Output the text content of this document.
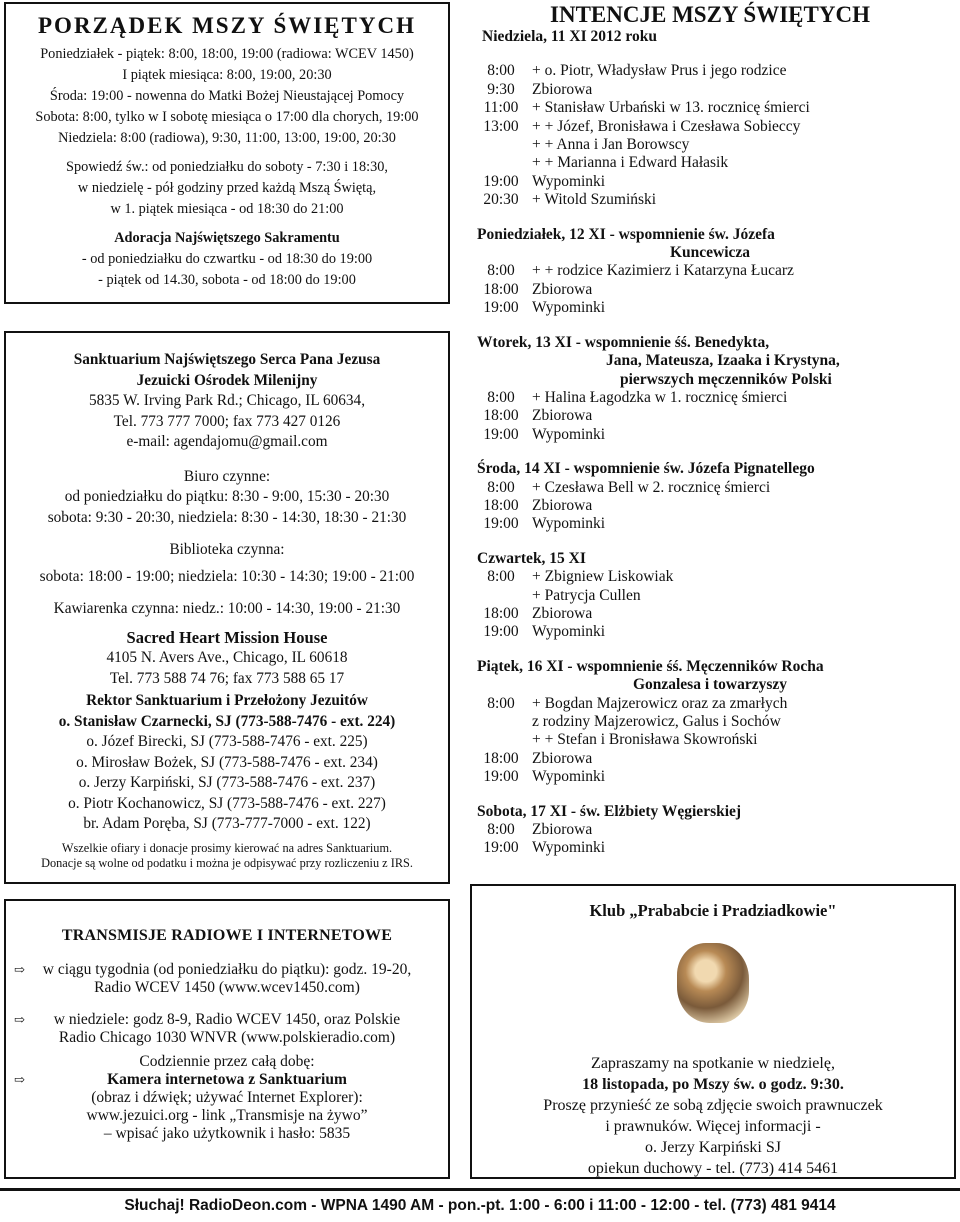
PORZĄDEK MSZY ŚWIĘTYCH
Poniedziałek - piątek: 8:00, 18:00, 19:00 (radiowa: WCEV 1450)
I piątek miesiąca: 8:00, 19:00, 20:30
Środa: 19:00 - nowenna do Matki Bożej Nieustającej Pomocy
Sobota: 8:00, tylko w I sobotę miesiąca o 17:00 dla chorych, 19:00
Niedziela: 8:00 (radiowa), 9:30, 11:00, 13:00, 19:00, 20:30
Spowiedź św.: od poniedziałku do soboty - 7:30 i 18:30,
w niedzielę - pół godziny przed każdą Mszą Świętą,
w 1. piątek miesiąca - od 18:30 do 21:00
Adoracja Najświętszego Sakramentu
- od poniedziałku do czwartku - od 18:30 do 19:00
- piątek od 14.30, sobota - od 18:00 do 19:00
Sanktuarium Najświętszego Serca Pana Jezusa
Jezuicki Ośrodek Milenijny
5835 W. Irving Park Rd.; Chicago, IL 60634,
Tel. 773 777 7000; fax 773 427 0126
e-mail: agendajomu@gmail.com
Biuro czynne:
od poniedziałku do piątku: 8:30 - 9:00, 15:30 - 20:30
sobota: 9:30 - 20:30, niedziela: 8:30 - 14:30, 18:30 - 21:30
Biblioteka czynna:
sobota: 18:00 - 19:00; niedziela: 10:30 - 14:30; 19:00 - 21:00
Kawiarenka czynna: niedz.: 10:00 - 14:30, 19:00 - 21:30
Sacred Heart Mission House
4105 N. Avers Ave., Chicago, IL 60618
Tel. 773 588 74 76; fax 773 588 65 17
Rektor Sanktuarium i Przełożony Jezuitów
o. Stanisław Czarnecki, SJ (773-588-7476 - ext. 224)
o. Józef Birecki, SJ (773-588-7476 - ext. 225)
o. Mirosław Bożek, SJ (773-588-7476 - ext. 234)
o. Jerzy Karpiński, SJ (773-588-7476 - ext. 237)
o. Piotr Kochanowicz, SJ (773-588-7476 - ext. 227)
br. Adam Poręba, SJ (773-777-7000 - ext. 122)
Wszelkie ofiary i donacje prosimy kierować na adres Sanktuarium.
Donacje są wolne od podatku i można je odpisywać przy rozliczeniu z IRS.
TRANSMISJE RADIOWE I INTERNETOWE
⇨	w ciągu tygodnia (od poniedziałku do piątku): godz. 19-20,
Radio WCEV 1450 (www.wcev1450.com)
⇨	w niedziele: godz 8-9, Radio WCEV 1450, oraz Polskie
Radio Chicago 1030 WNVR (www.polskieradio.com)
Codziennie przez całą dobę:
⇨	Kamera internetowa z Sanktuarium
(obraz i dźwięk; używać Internet Explorer):
www.jezuici.org - link „Transmisje na żywo”
– wpisać jako użytkownik i hasło: 5835
INTENCJE MSZY ŚWIĘTYCH
Niedziela, 11 XI 2012 roku
8:00	+ o. Piotr, Władysław Prus i jego rodzice
9:30	Zbiorowa
11:00 + Stanisław Urbański w 13. rocznicę śmierci
13:00 + + Józef, Bronisława i Czesława Sobieccy
+ + Anna i Jan Borowscy
+ + Marianna i Edward Hałasik
19:00 Wypominki
20:30 + Witold Szumiński
Poniedziałek, 12 XI - wspomnienie św. Józefa
Kuncewicza
8:00	+ + rodzice Kazimierz i Katarzyna Łucarz
18:00 Zbiorowa
19:00 Wypominki
Wtorek, 13 XI - wspomnienie śś. Benedykta,
Jana, Mateusza, Izaaka i Krystyna,
pierwszych męczenników Polski
8:00	+ Halina Łagodzka w 1. rocznicę śmierci
18:00 Zbiorowa
19:00 Wypominki
Środa, 14 XI - wspomnienie św. Józefa Pignatellego
8:00	+ Czesława Bell w 2. rocznicę śmierci
18:00 Zbiorowa
19:00 Wypominki
Czwartek, 15 XI
8:00	+ Zbigniew Liskowiak
+ Patrycja Cullen
18:00 Zbiorowa
19:00 Wypominki
Piątek, 16 XI - wspomnienie śś. Męczenników Rocha
Gonzalesa i towarzyszy
8:00	+ Bogdan Majzerowicz oraz za zmarłych
z rodziny Majzerowicz, Galus i Sochów
+ + Stefan i Bronisława Skowroński
18:00 Zbiorowa
19:00 Wypominki
Sobota, 17 XI - św. Elżbiety Węgierskiej
8:00	Zbiorowa
19:00 Wypominki
Klub „Prababcie i Pradziadkowie"
Zapraszamy na spotkanie w niedzielę,
18 listopada, po Mszy św. o godz. 9:30.
Proszę przynieść ze sobą zdjęcie swoich prawnuczek
i prawnuków. Więcej informacji -
o. Jerzy Karpiński SJ
opiekun duchowy - tel. (773) 414 5461
Słuchaj! RadioDeon.com - WPNA 1490 AM - pon.-pt. 1:00 - 6:00 i 11:00 - 12:00 - tel. (773) 481 9414
